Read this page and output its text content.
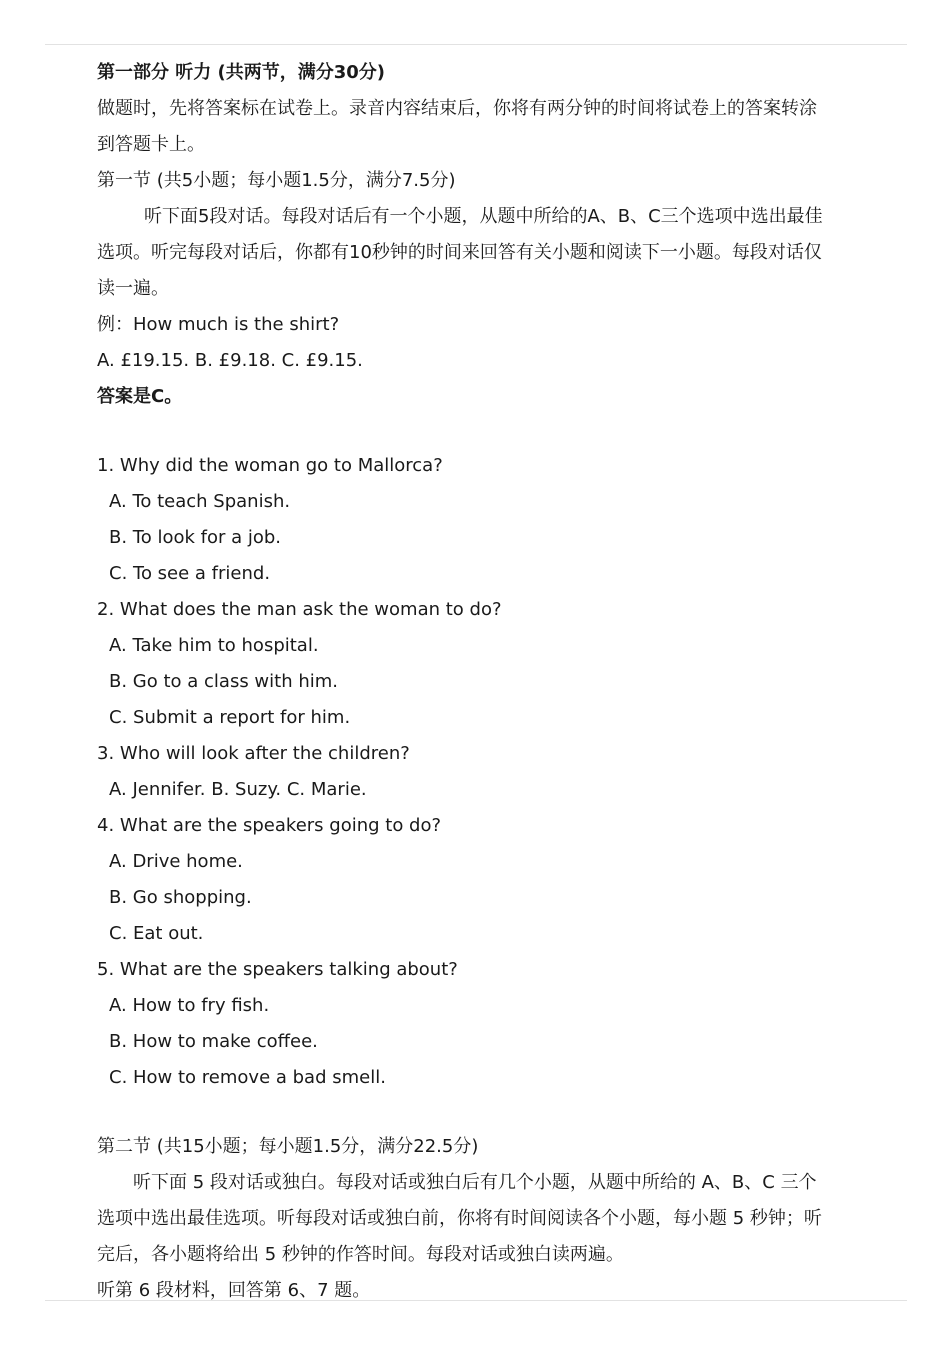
第一部分 听力 (共两节，满分30分)
做题时，先将答案标在试卷上。录音内容结束后，你将有两分钟的时间将试卷上的答案转涂
到答题卡上。
第一节 (共5小题；每小题1.5分，满分7.5分)
听下面5段对话。每段对话后有一个小题，从题中所给的A、B、C三个选项中选出最佳
选项。听完每段对话后，你都有10秒钟的时间来回答有关小题和阅读下一小题。每段对话仅
读一遍。
例：How much is the shirt?
A. £19.15. B. £9.18. C. £9.15.
答案是C。
1. Why did the woman go to Mallorca?
A. To teach Spanish.
B. To look for a job.
C. To see a friend.
2. What does the man ask the woman to do?
A. Take him to hospital.
B. Go to a class with him.
C. Submit a report for him.
3. Who will look after the children?
A. Jennifer. B. Suzy. C. Marie.
4. What are the speakers going to do?
A. Drive home.
B. Go shopping.
C. Eat out.
5. What are the speakers talking about?
A. How to fry fish.
B. How to make coffee.
C. How to remove a bad smell.
第二节 (共15小题；每小题1.5分，满分22.5分)
听下面 5 段对话或独白。每段对话或独白后有几个小题，从题中所给的 A、B、C 三个
选项中选出最佳选项。听每段对话或独白前，你将有时间阅读各个小题，每小题 5 秒钟；听
完后，各小题将给出 5 秒钟的作答时间。每段对话或独白读两遍。
听第 6 段材料，回答第 6、7 题。
